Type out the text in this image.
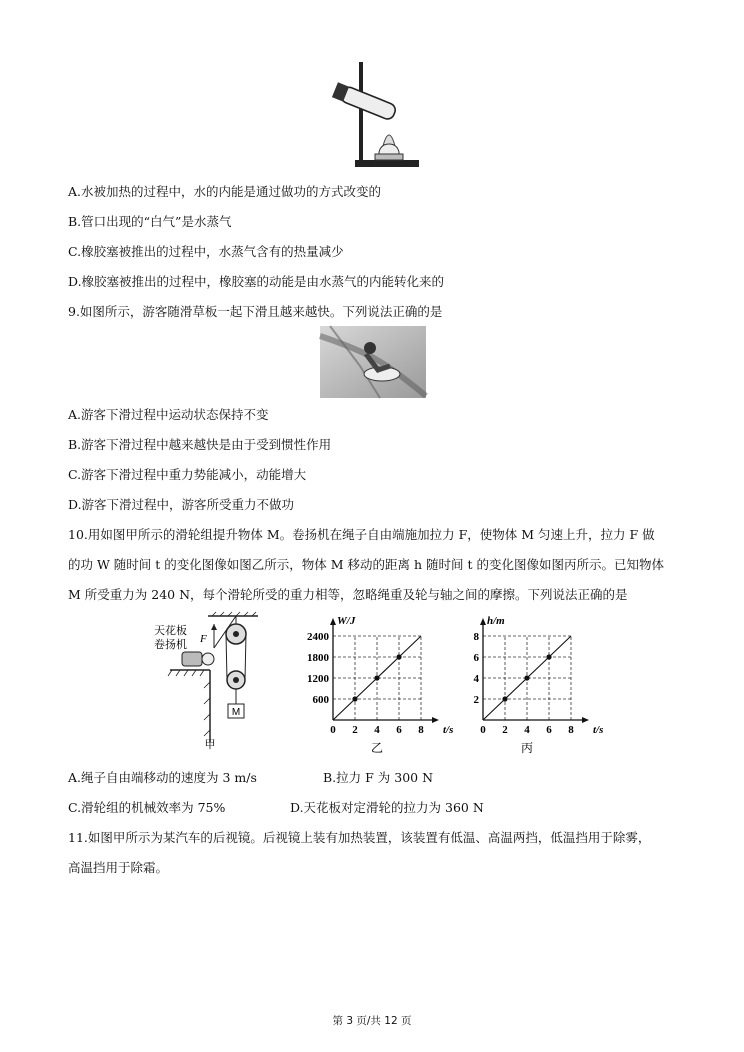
A.水被加热的过程中，水的内能是通过做功的方式改变的
B.管口出现的“白气”是水蒸气
C.橡胶塞被推出的过程中，水蒸气含有的热量减少
D.橡胶塞被推出的过程中，橡胶塞的动能是由水蒸气的内能转化来的
9.如图所示，游客随滑草板一起下滑且越来越快。下列说法正确的是
A.游客下滑过程中运动状态保持不变
B.游客下滑过程中越来越快是由于受到惯性作用
C.游客下滑过程中重力势能减小，动能增大
D.游客下滑过程中，游客所受重力不做功
10.用如图甲所示的滑轮组提升物体 M。卷扬机在绳子自由端施加拉力 F，使物体 M 匀速上升，拉力 F 做
的功 W 随时间 t 的变化图像如图乙所示，物体 M 移动的距离 h 随时间 t 的变化图像如图丙所示。已知物体
M 所受重力为 240 N，每个滑轮所受的重力相等，忽略绳重及轮与轴之间的摩擦。下列说法正确的是
M
F
天花板
卷扬机
甲
0 2 4 6 8
600
1200
1800
2400
t/s
W/J
乙
0 2 4 6 8
2
4
6
8
t/s
h/m
丙
A.绳子自由端移动的速度为 3 m/s	B.拉力 F 为 300 N
C.滑轮组的机械效率为 75%	D.天花板对定滑轮的拉力为 360 N
11.如图甲所示为某汽车的后视镜。后视镜上装有加热装置，该装置有低温、高温两挡，低温挡用于除雾，
高温挡用于除霜。
第 3 页/共 12 页
